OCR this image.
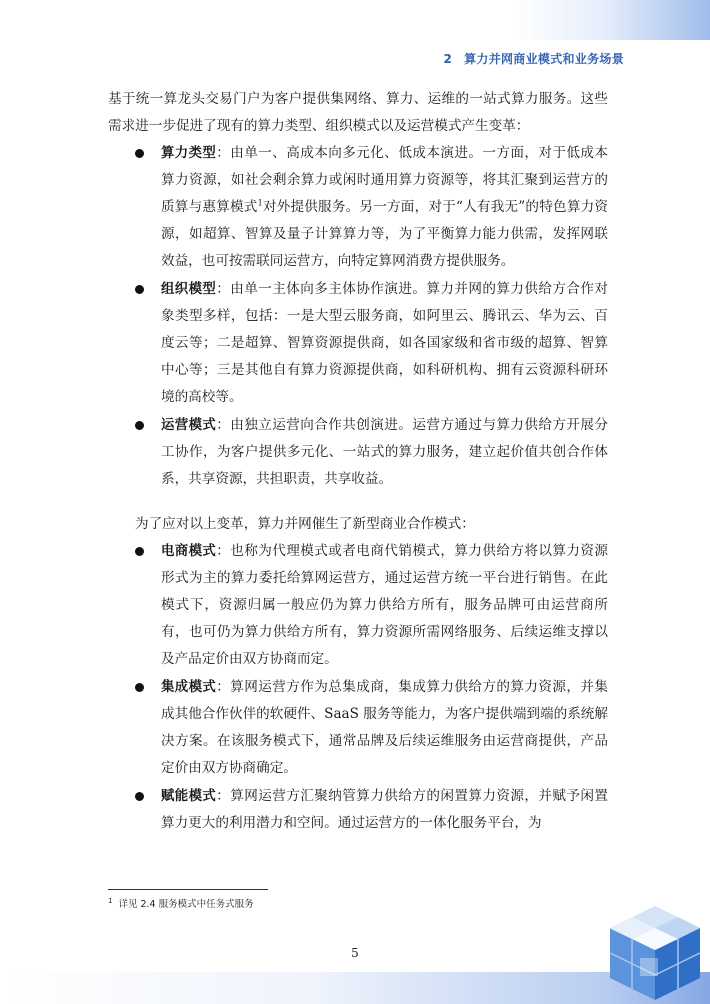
2 算力并网商业模式和业务场景

基于统一算龙头交易门户为客户提供集网络、算力、运维的一站式算力服务。这些需求进一步促进了现有的算力类型、组织模式以及运营模式产生变革：

算力类型：由单一、高成本向多元化、低成本演进。一方面，对于低成本算力资源，如社会剩余算力或闲时通用算力资源等，将其汇聚到运营方的质算与惠算模式$^1$对外提供服务。另一方面，对于“人有我无”的特色算力资源，如超算、智算及量子计算算力等，为了平衡算力能力供需，发挥网联效益，也可按需联同运营方，向特定算网消费方提供服务。
组织模型：由单一主体向多主体协作演进。算力并网的算力供给方合作对象类型多样，包括：一是大型云服务商，如阿里云、腾讯云、华为云、百度云等；二是超算、智算资源提供商，如各国家级和省市级的超算、智算中心等；三是其他自有算力资源提供商，如科研机构、拥有云资源科研环境的高校等。
运营模式：由独立运营向合作共创演进。运营方通过与算力供给方开展分工协作，为客户提供多元化、一站式的算力服务，建立起价值共创合作体系，共享资源，共担职责，共享收益。

为了应对以上变革，算力并网催生了新型商业合作模式：

电商模式：也称为代理模式或者电商代销模式，算力供给方将以算力资源形式为主的算力委托给算网运营方，通过运营方统一平台进行销售。在此模式下，资源归属一般应仍为算力供给方所有，服务品牌可由运营商所有，也可仍为算力供给方所有，算力资源所需网络服务、后续运维支撑以及产品定价由双方协商而定。
集成模式：算网运营方作为总集成商，集成算力供给方的算力资源，并集成其他合作伙伴的软硬件、SaaS 服务等能力，为客户提供端到端的系统解决方案。在该服务模式下，通常品牌及后续运维服务由运营商提供，产品定价由双方协商确定。
赋能模式：算网运营方汇聚纳管算力供给方的闲置算力资源，并赋予闲置算力更大的利用潜力和空间。通过运营方的一体化服务平台，为
$^1$ 详见 2.4 服务模式中任务式服务
5
